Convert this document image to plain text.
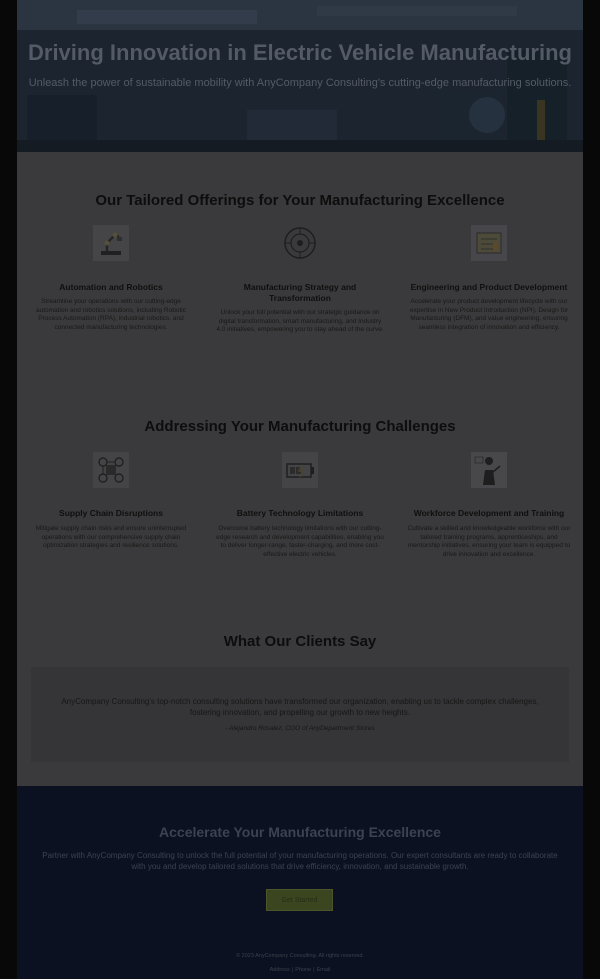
Driving Innovation in Electric Vehicle Manufacturing

Unleash the power of sustainable mobility with AnyCompany Consulting's cutting-edge manufacturing solutions.

Our Tailored Offerings for Your Manufacturing Excellence
Automation and Robotics

Streamline your operations with our cutting-edge automation and robotics solutions, including Robotic Process Automation (RPA), industrial robotics, and connected manufacturing technologies.

Manufacturing Strategy and Transformation

Unlock your full potential with our strategic guidance on digital transformation, smart manufacturing, and Industry 4.0 initiatives, empowering you to stay ahead of the curve.

Engineering and Product Development

Accelerate your product development lifecycle with our expertise in New Product Introduction (NPI), Design for Manufacturing (DFM), and value engineering, ensuring seamless integration of innovation and efficiency.

Addressing Your Manufacturing Challenges
Supply Chain Disruptions

Mitigate supply chain risks and ensure uninterrupted operations with our comprehensive supply chain optimization strategies and resilience solutions.

Battery Technology Limitations

Overcome battery technology limitations with our cutting-edge research and development capabilities, enabling you to deliver longer-range, faster-charging, and more cost-effective electric vehicles.

Workforce Development and Training

Cultivate a skilled and knowledgeable workforce with our tailored training programs, apprenticeships, and mentorship initiatives, ensuring your team is equipped to drive innovation and excellence.

What Our Clients Say

AnyCompany Consulting's top-notch consulting solutions have transformed our organization, enabling us to tackle complex challenges, fostering innovation, and propelling our growth to new heights.

- Alejandro Rosalez, COO of AnyDepartment Stores

Accelerate Your Manufacturing Excellence

Partner with AnyCompany Consulting to unlock the full potential of your manufacturing operations. Our expert consultants are ready to collaborate with you and develop tailored solutions that drive efficiency, innovation, and sustainable growth.

Get Started

© 2023 AnyCompany Consulting. All rights reserved.

Address | Phone | Email
